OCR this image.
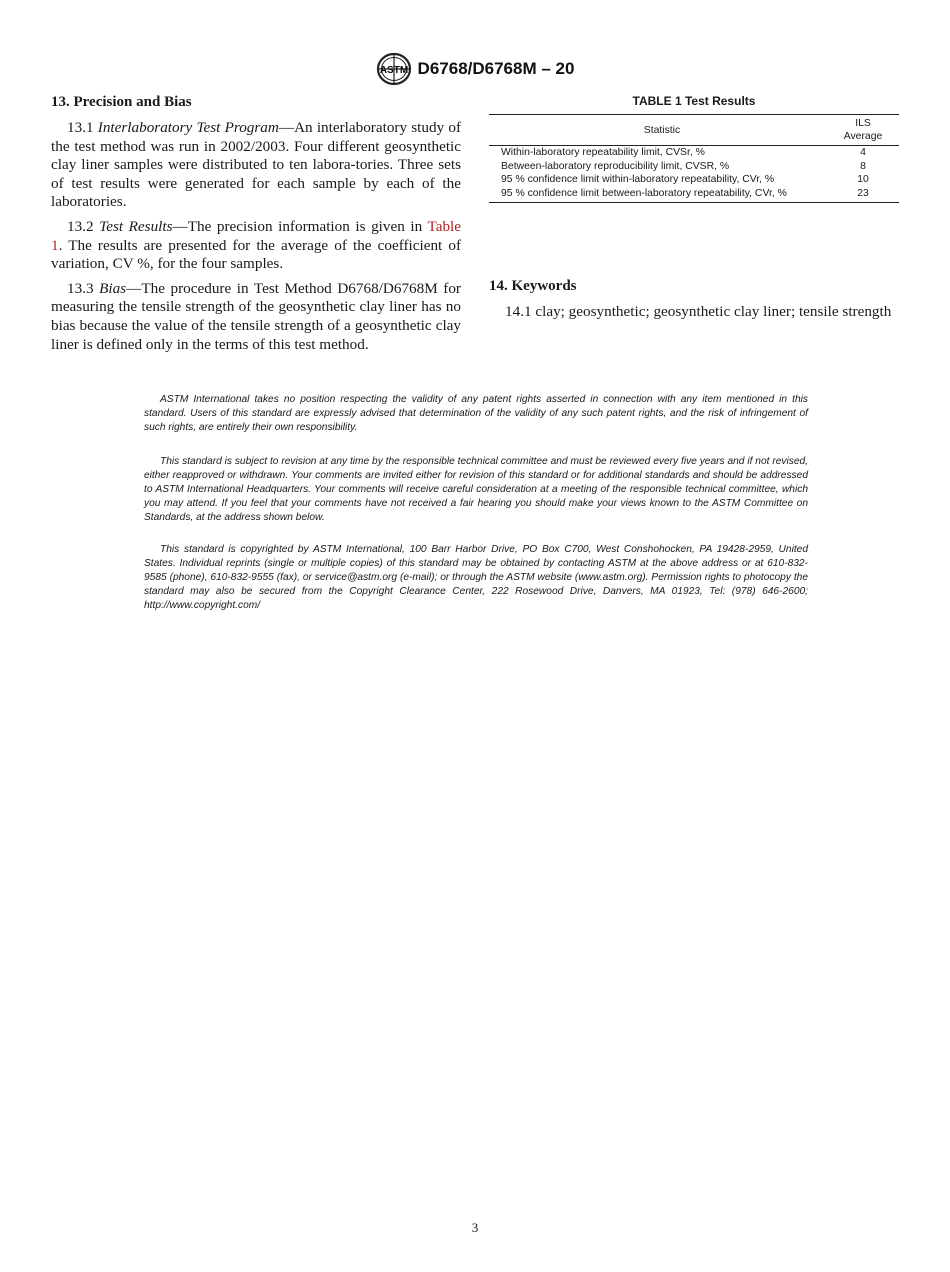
ASTM D6768/D6768M – 20
13. Precision and Bias

13.1 Interlaboratory Test Program—An interlaboratory study of the test method was run in 2002/2003. Four different geosynthetic clay liner samples were distributed to ten labora-tories. Three sets of test results were generated for each sample by each of the laboratories.

13.2 Test Results—The precision information is given in Table 1. The results are presented for the average of the coefficient of variation, CV %, for the four samples.

13.3 Bias—The procedure in Test Method D6768/D6768M for measuring the tensile strength of the geosynthetic clay liner has no bias because the value of the tensile strength of a geosynthetic clay liner is defined only in the terms of this test method.

TABLE 1 Test Results
Statistic	ILS
Average
Within-laboratory repeatability limit, CVSr, %	4
Between-laboratory reproducibility limit, CVSR, %	8
95 % confidence limit within-laboratory repeatability, CVr, %	10
95 % confidence limit between-laboratory repeatability, CVr, %	23
14. Keywords

14.1 clay; geosynthetic; geosynthetic clay liner; tensile strength

ASTM International takes no position respecting the validity of any patent rights asserted in connection with any item mentioned in this standard. Users of this standard are expressly advised that determination of the validity of any such patent rights, and the risk of infringement of such rights, are entirely their own responsibility.

This standard is subject to revision at any time by the responsible technical committee and must be reviewed every five years and if not revised, either reapproved or withdrawn. Your comments are invited either for revision of this standard or for additional standards and should be addressed to ASTM International Headquarters. Your comments will receive careful consideration at a meeting of the responsible technical committee, which you may attend. If you feel that your comments have not received a fair hearing you should make your views known to the ASTM Committee on Standards, at the address shown below.

This standard is copyrighted by ASTM International, 100 Barr Harbor Drive, PO Box C700, West Conshohocken, PA 19428-2959, United States. Individual reprints (single or multiple copies) of this standard may be obtained by contacting ASTM at the above address or at 610-832-9585 (phone), 610-832-9555 (fax), or service@astm.org (e-mail); or through the ASTM website (www.astm.org). Permission rights to photocopy the standard may also be secured from the Copyright Clearance Center, 222 Rosewood Drive, Danvers, MA 01923, Tel: (978) 646-2600; http://www.copyright.com/

3
